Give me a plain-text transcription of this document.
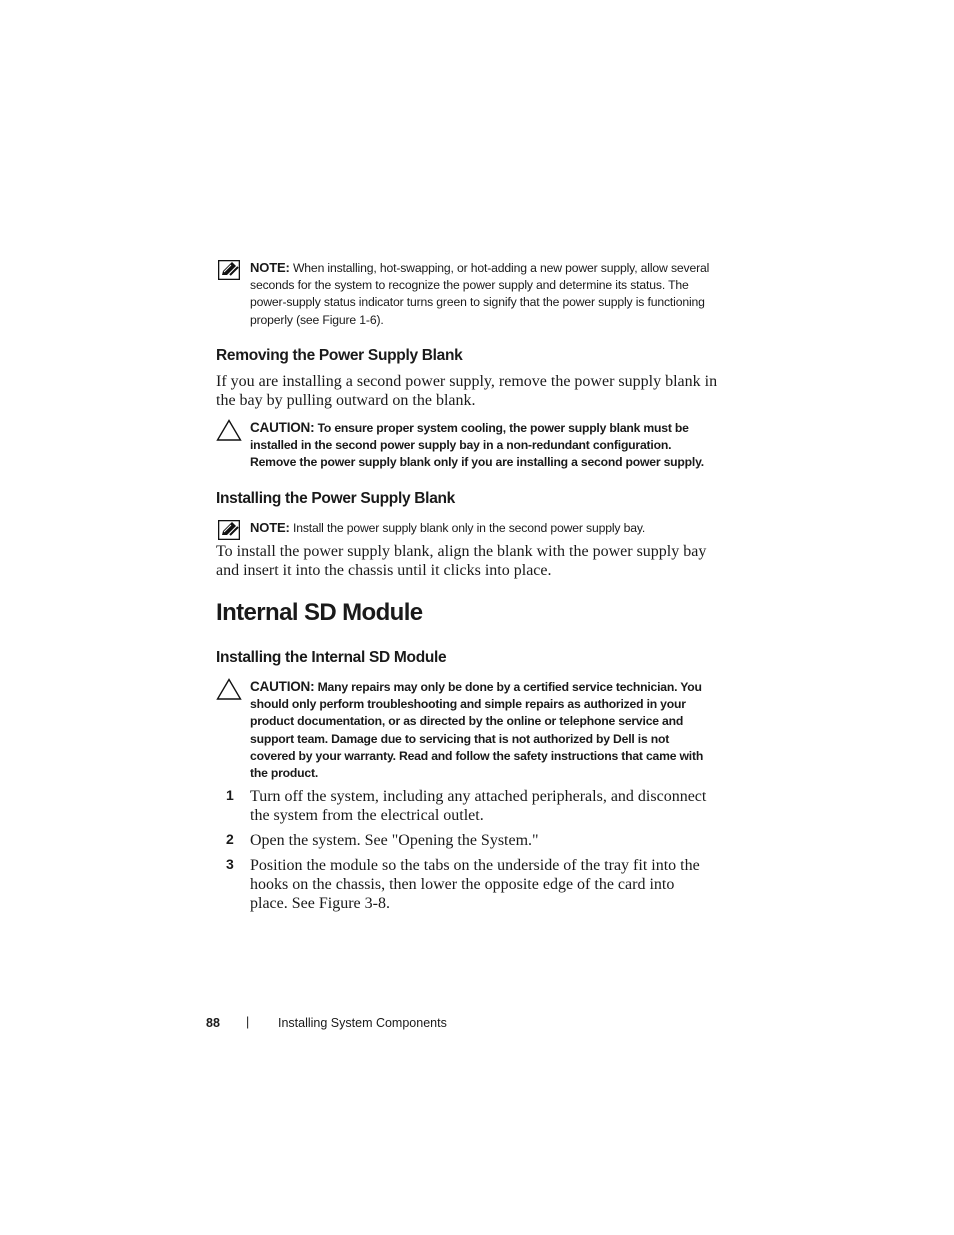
NOTE: When installing, hot-swapping, or hot-adding a new power supply, allow several seconds for the system to recognize the power supply and determine its status. The power-supply status indicator turns green to signify that the power supply is functioning properly (see Figure 1-6).
Removing the Power Supply Blank

If you are installing a second power supply, remove the power supply blank in the bay by pulling outward on the blank.

CAUTION: To ensure proper system cooling, the power supply blank must be installed in the second power supply bay in a non-redundant configuration. Remove the power supply blank only if you are installing a second power supply.
Installing the Power Supply Blank
NOTE: Install the power supply blank only in the second power supply bay.

To install the power supply blank, align the blank with the power supply bay and insert it into the chassis until it clicks into place.

Internal SD Module
Installing the Internal SD Module
CAUTION: Many repairs may only be done by a certified service technician. You should only perform troubleshooting and simple repairs as authorized in your product documentation, or as directed by the online or telephone service and support team. Damage due to servicing that is not authorized by Dell is not covered by your warranty. Read and follow the safety instructions that came with the product.
1 Turn off the system, including any attached peripherals, and disconnect the system from the electrical outlet.
2 Open the system. See "Opening the System."
3 Position the module so the tabs on the underside of the tray fit into the hooks on the chassis, then lower the opposite edge of the card into place. See Figure 3-8.
88 | Installing System Components
